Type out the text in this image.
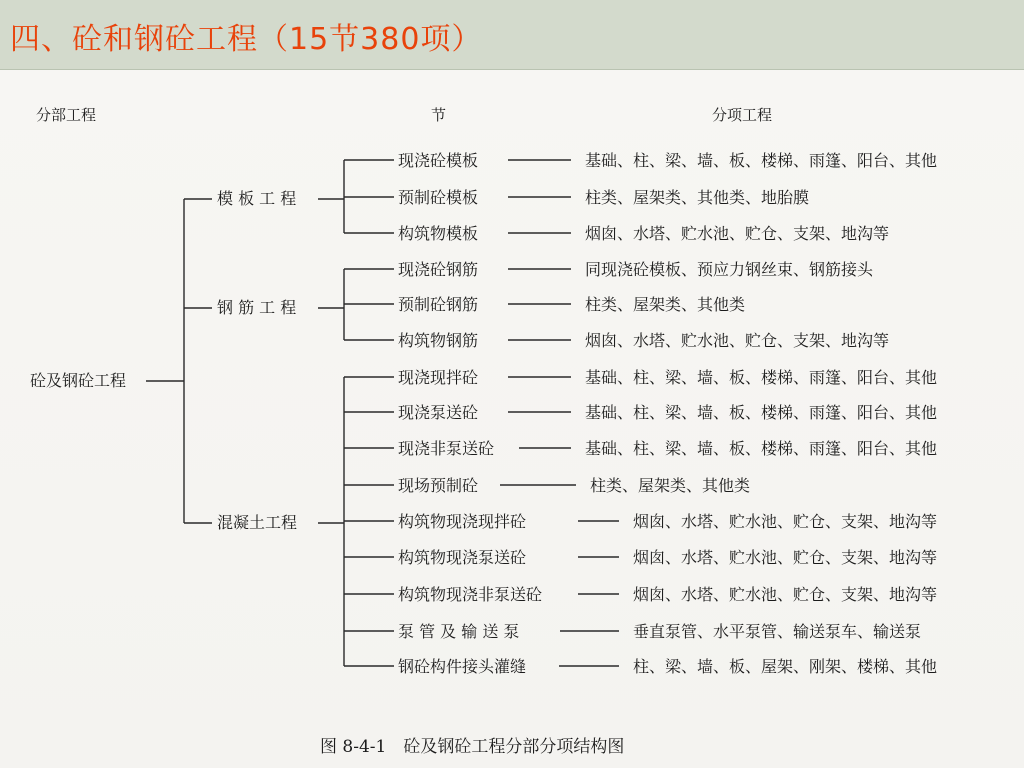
四、砼和钢砼工程（15节380项）
分部工程	节	分项工程
砼及钢砼工程
模 板 工 程
现浇砼模板	基础、柱、梁、墙、板、楼梯、雨篷、阳台、其他
预制砼模板	柱类、屋架类、其他类、地胎膜
构筑物模板	烟囱、水塔、贮水池、贮仓、支架、地沟等
钢 筋 工 程
现浇砼钢筋	同现浇砼模板、预应力钢丝束、钢筋接头
预制砼钢筋	柱类、屋架类、其他类
构筑物钢筋	烟囱、水塔、贮水池、贮仓、支架、地沟等
混凝土工程
现浇现拌砼	基础、柱、梁、墙、板、楼梯、雨篷、阳台、其他
现浇泵送砼	基础、柱、梁、墙、板、楼梯、雨篷、阳台、其他
现浇非泵送砼	基础、柱、梁、墙、板、楼梯、雨篷、阳台、其他
现场预制砼	柱类、屋架类、其他类
构筑物现浇现拌砼	烟囱、水塔、贮水池、贮仓、支架、地沟等
构筑物现浇泵送砼	烟囱、水塔、贮水池、贮仓、支架、地沟等
构筑物现浇非泵送砼	烟囱、水塔、贮水池、贮仓、支架、地沟等
泵 管 及 输 送 泵	垂直泵管、水平泵管、输送泵车、输送泵
钢砼构件接头灌缝	柱、梁、墙、板、屋架、刚架、楼梯、其他
图 8-4-1　砼及钢砼工程分部分项结构图
